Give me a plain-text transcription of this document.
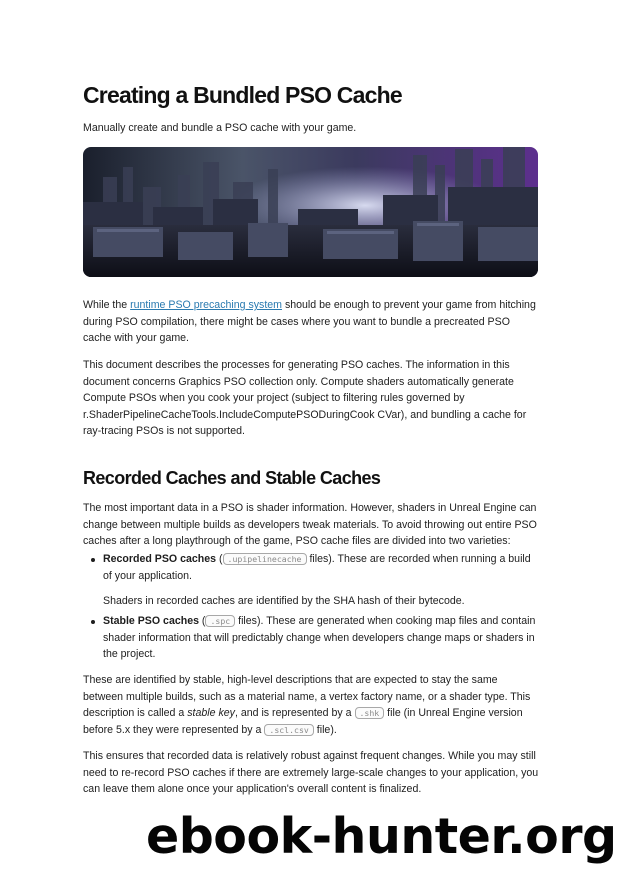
Creating a Bundled PSO Cache

Manually create and bundle a PSO cache with your game.

While the runtime PSO precaching system should be enough to prevent your game from hitching during PSO compilation, there might be cases where you want to bundle a precreated PSO cache with your game.

This document describes the processes for generating PSO caches. The information in this document concerns Graphics PSO collection only. Compute shaders automatically generate Compute PSOs when you cook your project (subject to filtering rules governed by r.ShaderPipelineCacheTools.IncludeComputePSODuringCook CVar), and bundling a cache for ray-tracing PSOs is not supported.

Recorded Caches and Stable Caches

The most important data in a PSO is shader information. However, shaders in Unreal Engine can change between multiple builds as developers tweak materials. To avoid throwing out entire PSO caches after a long playthrough of the game, PSO cache files are divided into two varieties:

Recorded PSO caches ( .upipelinecache files). These are recorded when running a build of your application.
Shaders in recorded caches are identified by the SHA hash of their bytecode.
Stable PSO caches ( .spc files). These are generated when cooking map files and contain shader information that will predictably change when developers change maps or shaders in the project.

These are identified by stable, high-level descriptions that are expected to stay the same between multiple builds, such as a material name, a vertex factory name, or a shader type. This description is called a stable key, and is represented by a .shk file (in Unreal Engine version before 5.x they were represented by a .scl.csv file).

This ensures that recorded data is relatively robust against frequent changes. While you may still need to re-record PSO caches if there are extremely large-scale changes to your application, you can leave them alone once your application's overall content is finalized.

ebook-hunter.org
